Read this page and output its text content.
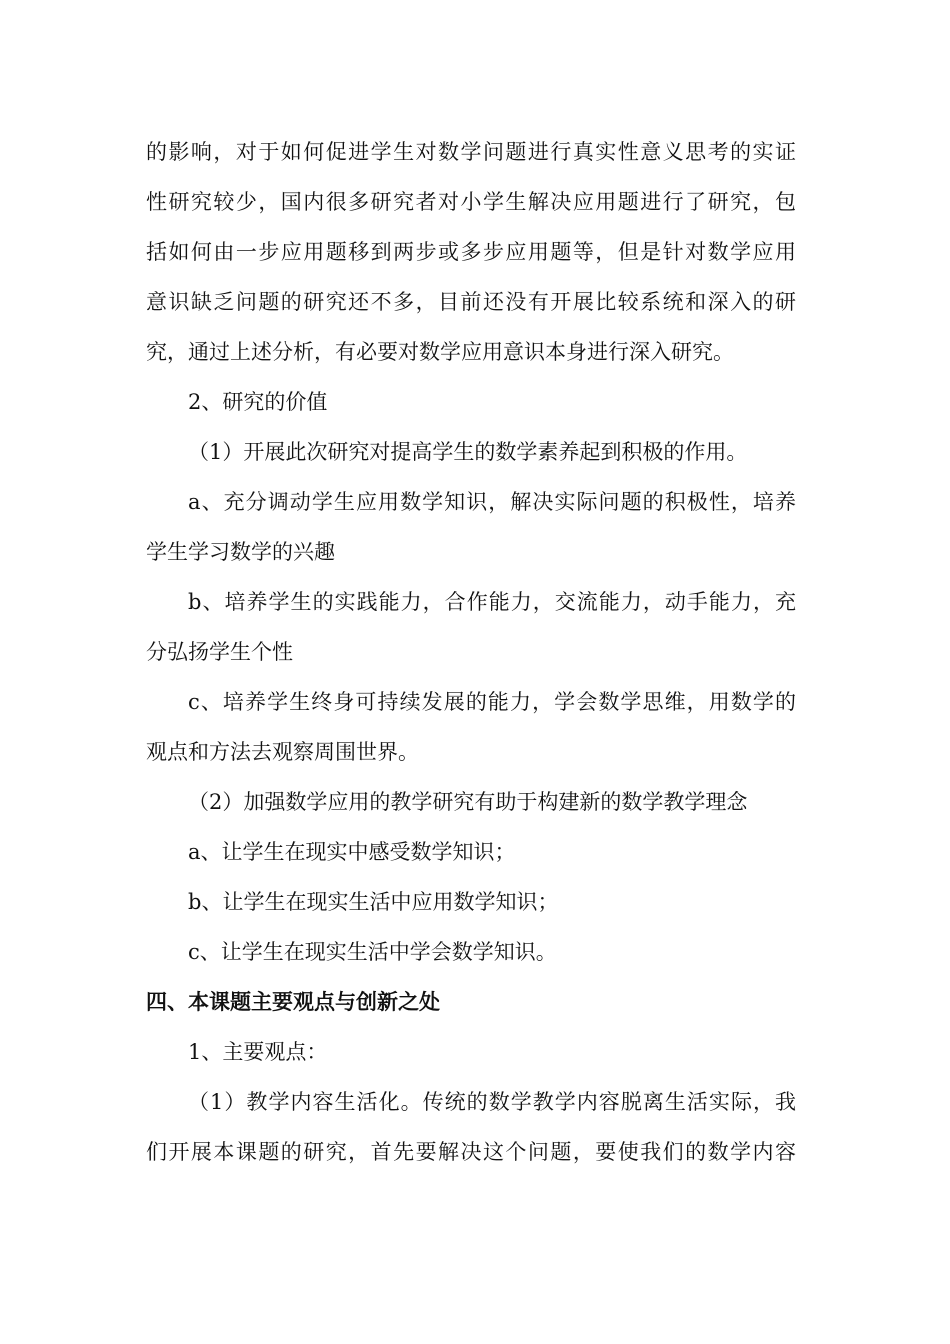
的影响，对于如何促进学生对数学问题进行真实性意义思考的实证
性研究较少，国内很多研究者对小学生解决应用题进行了研究，包
括如何由一步应用题移到两步或多步应用题等，但是针对数学应用
意识缺乏问题的研究还不多，目前还没有开展比较系统和深入的研
究，通过上述分析，有必要对数学应用意识本身进行深入研究。
2、研究的价值
（1）开展此次研究对提高学生的数学素养起到积极的作用。
a、充分调动学生应用数学知识，解决实际问题的积极性，培养
学生学习数学的兴趣
b、培养学生的实践能力，合作能力，交流能力，动手能力，充
分弘扬学生个性
c、培养学生终身可持续发展的能力，学会数学思维，用数学的
观点和方法去观察周围世界。
（2）加强数学应用的教学研究有助于构建新的数学教学理念
a、让学生在现实中感受数学知识；
b、让学生在现实生活中应用数学知识；
c、让学生在现实生活中学会数学知识。
四、本课题主要观点与创新之处
1、主要观点：
（1）教学内容生活化。传统的数学教学内容脱离生活实际，我
们开展本课题的研究，首先要解决这个问题，要使我们的数学内容
